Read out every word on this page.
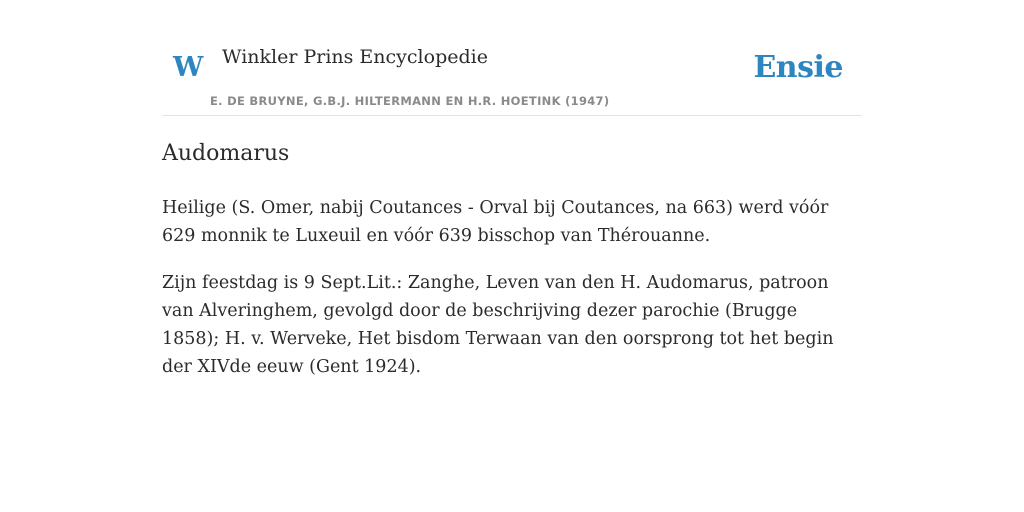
W Winkler Prins Encyclopedie
E. DE BRUYNE, G.B.J. HILTERMANN EN H.R. HOETINK (1947)
Ensie
Audomarus

Heilige (S. Omer, nabij Coutances - Orval bij Coutances, na 663) werd vóór 629 monnik te Luxeuil en vóór 639 bisschop van Thérouanne.

Zijn feestdag is 9 Sept.Lit.: Zanghe, Leven van den H. Audomarus, patroon van Alveringhem, gevolgd door de beschrijving dezer parochie (Brugge 1858); H. v. Werveke, Het bisdom Terwaan van den oorsprong tot het begin der XIVde eeuw (Gent 1924).
